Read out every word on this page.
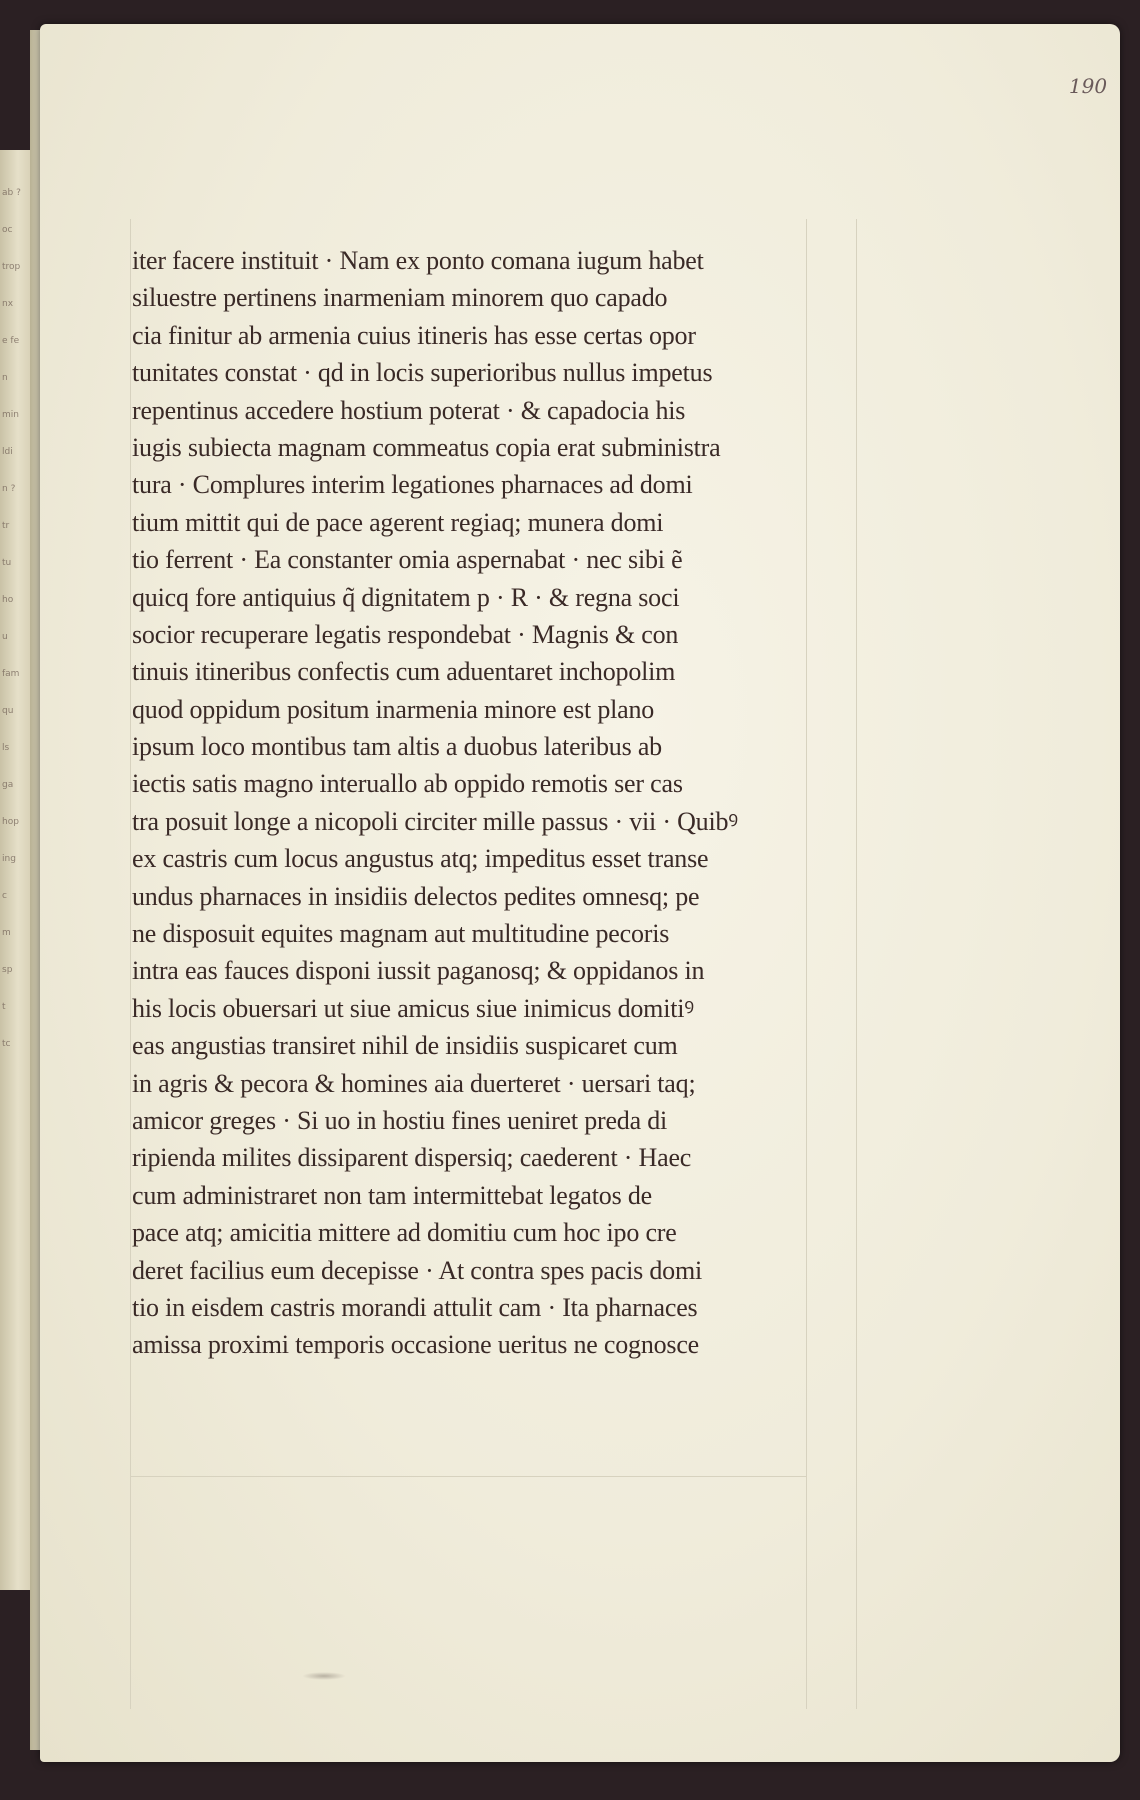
ab ?
oc
trop
nx
e fe
n
min
ldi
n ?
tr
tu
ho
u
fam
qu
ls
ga
hop
ing
c
m
sp
t
tc
190
iter facere instituit · Nam ex ponto comana iugum habet
siluestre pertinens inarmeniam minorem quo capado
cia finitur ab armenia cuius itineris has esse certas opor
tunitates constat · qd in locis superioribus nullus impetus
repentinus accedere hostium poterat · & capadocia his
iugis subiecta magnam commeatus copia erat subministra
tura · Complures interim legationes pharnaces ad domi
tium mittit qui de pace agerent regiaq; munera domi
tio ferrent · Ea constanter omia aspernabat · nec sibi ẽ
quicq fore antiquius q̃ dignitatem p · R · & regna soci
socior recuperare legatis respondebat · Magnis & con
tinuis itineribus confectis cum aduentaret inchopolim
quod oppidum positum inarmenia minore est plano
ipsum loco montibus tam altis a duobus lateribus ab
iectis satis magno interuallo ab oppido remotis ser cas
tra posuit longe a nicopoli circiter mille passus · vii · Quibꝰ
ex castris cum locus angustus atq; impeditus esset transe
undus pharnaces in insidiis delectos pedites omnesq; pe
ne disposuit equites magnam aut multitudine pecoris
intra eas fauces disponi iussit paganosq; & oppidanos in
his locis obuersari ut siue amicus siue inimicus domitiꝰ
eas angustias transiret nihil de insidiis suspicaret cum
in agris & pecora & homines aia duerteret · uersari taq;
amicor greges · Si uo in hostiu fines ueniret preda di
ripienda milites dissiparent dispersiq; caederent · Haec
cum administraret non tam intermittebat legatos de
pace atq; amicitia mittere ad domitiu cum hoc ipo cre
deret facilius eum decepisse · At contra spes pacis domi
tio in eisdem castris morandi attulit cam · Ita pharnaces
amissa proximi temporis occasione ueritus ne cognosce
